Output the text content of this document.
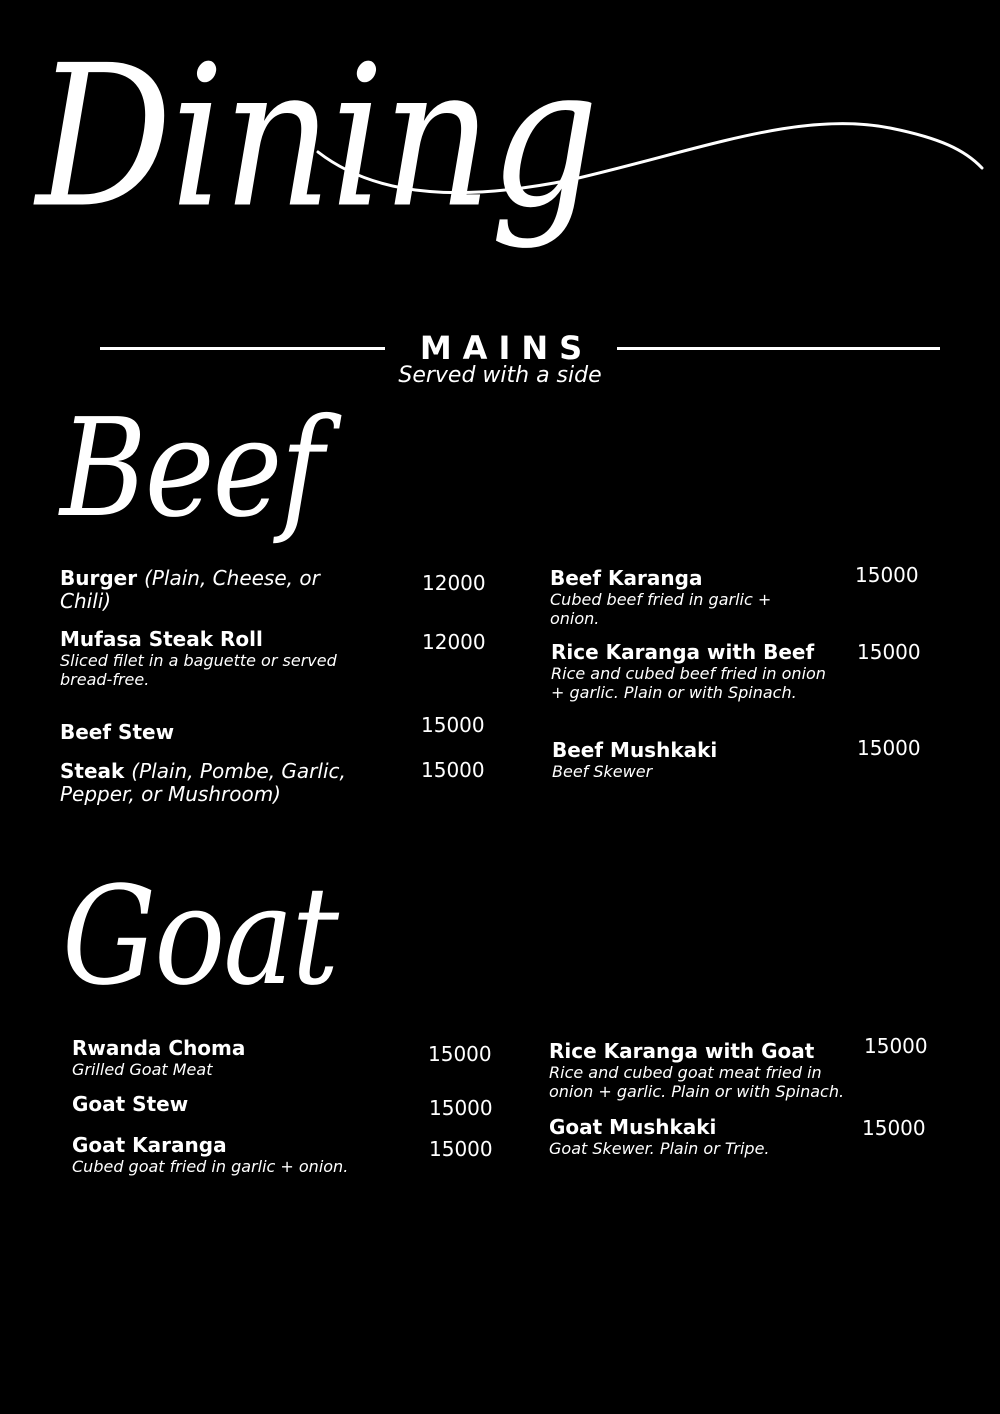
Dining
MAINS
Served with a side
Beef
Burger (Plain, Cheese, or Chili)
12000
Mufasa Steak Roll
Sliced filet in a baguette or served bread-free.
12000
Beef Stew	15000
Steak (Plain, Pombe, Garlic, Pepper, or Mushroom)
15000
Beef Karanga
Cubed beef fried in garlic + onion.
15000
Rice Karanga with Beef
Rice and cubed beef fried in onion + garlic. Plain or with Spinach.
15000
Beef Mushkaki
Beef Skewer
15000
Goat
Rwanda Choma
Grilled Goat Meat
15000
Goat Stew	15000
Goat Karanga
Cubed goat fried in garlic + onion.
15000
Rice Karanga with Goat
Rice and cubed goat meat fried in onion + garlic. Plain or with Spinach.
15000
Goat Mushkaki
Goat Skewer. Plain or Tripe.
15000
